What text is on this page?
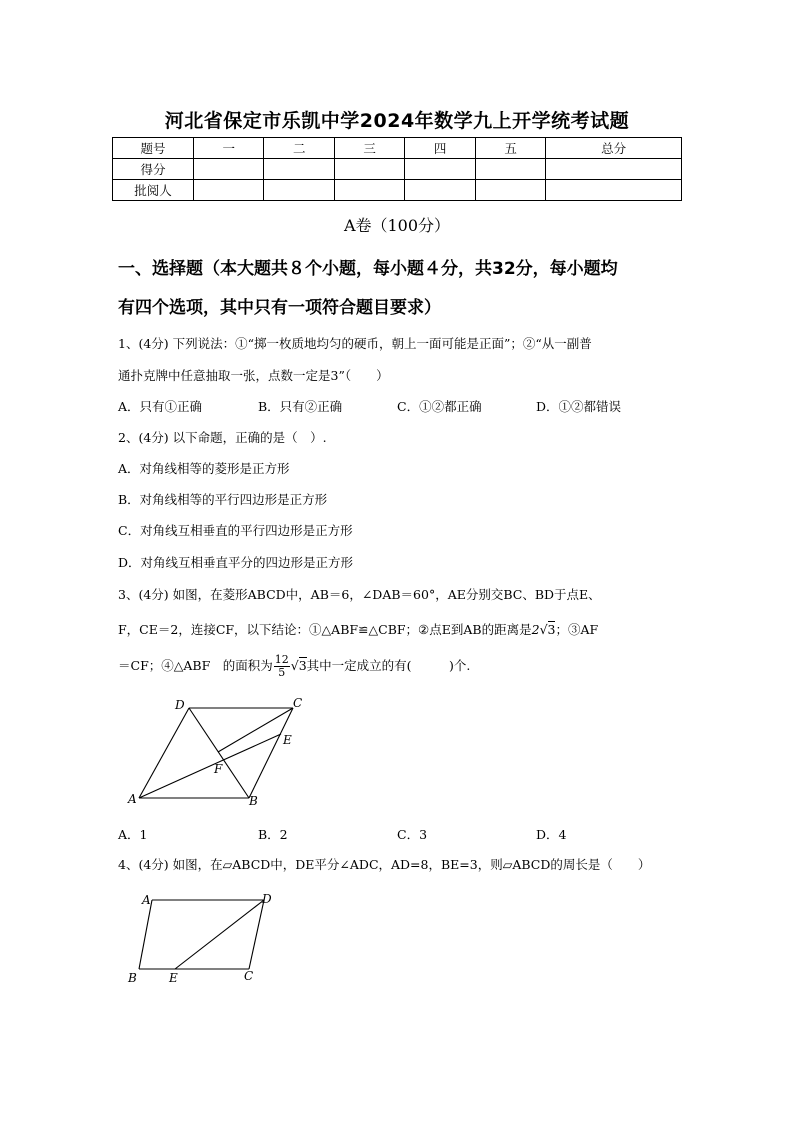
河北省保定市乐凯中学2024年数学九上开学统考试题
题号	一	二	三	四	五	总分
得分						
批阅人						
A卷（100分）
一、选择题（本大题共８个小题，每小题４分，共32分，每小题均
有四个选项，其中只有一项符合题目要求）
1、(4分) 下列说法：①“掷一枚质地均匀的硬币，朝上一面可能是正面”；②“从一副普
通扑克牌中任意抽取一张，点数一定是3”（　　）
A．只有①正确	B．只有②正确	C．①②都正确	D．①②都错误
2、(4分) 以下命题，正确的是（　）.
A．对角线相等的菱形是正方形
B．对角线相等的平行四边形是正方形
C．对角线互相垂直的平行四边形是正方形
D．对角线互相垂直平分的四边形是正方形
3、(4分) 如图，在菱形ABCD中，AB＝6，∠DAB＝60°，AE分别交BC、BD于点E、
F，CE＝2，连接CF，以下结论：①△ABF≌△CBF；②点E到AB的距离是2√3；③AF
＝CF；④△ABF　的面积为 $\frac{12}{5} √3$其中一定成立的有(　　　)个.
D	C
E
F
A	B
A．1	B．2	C．3	D．4
4、(4分) 如图，在▱ABCD中，DE平分∠ADC，AD=8，BE=3，则▱ABCD的周长是（　　）
A	D
B	E	C
